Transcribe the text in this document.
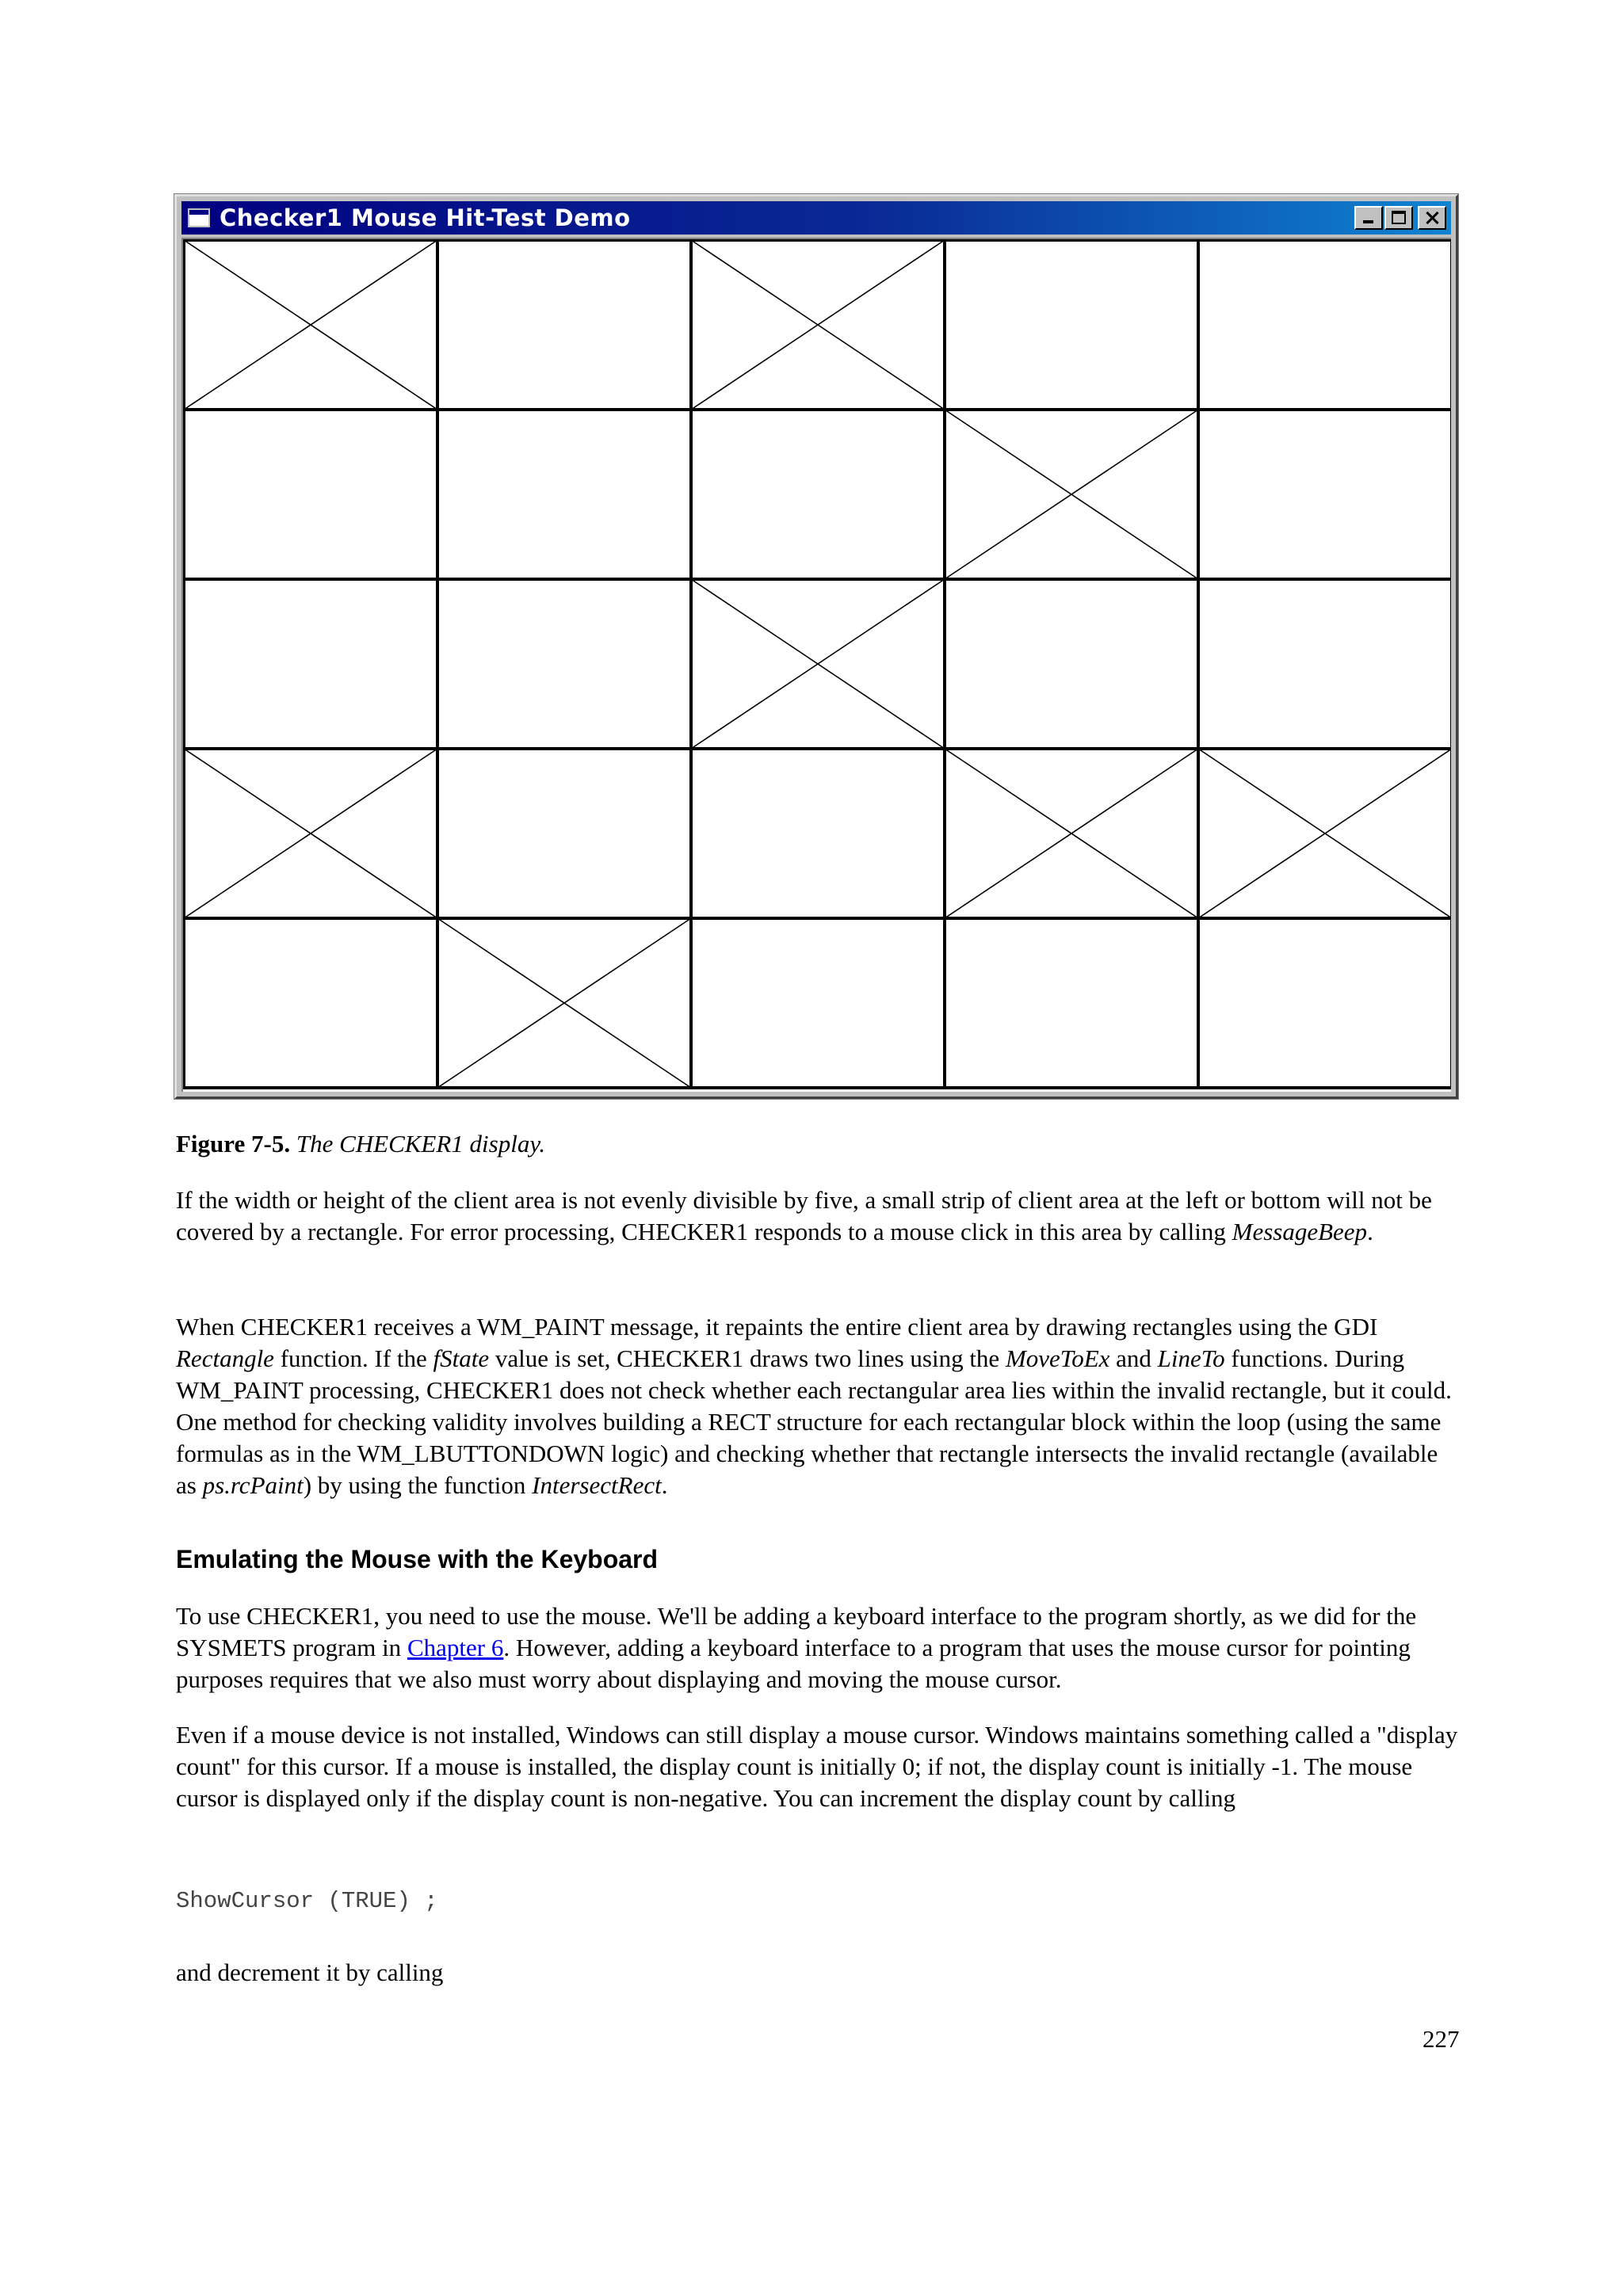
Checker1 Mouse Hit-Test Demo
Figure 7-5. The CHECKER1 display.

If the width or height of the client area is not evenly divisible by five, a small strip of client area at the left or bottom will not be covered by a rectangle. For error processing, CHECKER1 responds to a mouse click in this area by calling MessageBeep.

When CHECKER1 receives a WM_PAINT message, it repaints the entire client area by drawing rectangles using the GDI Rectangle function. If the fState value is set, CHECKER1 draws two lines using the MoveToEx and LineTo functions. During WM_PAINT processing, CHECKER1 does not check whether each rectangular area lies within the invalid rectangle, but it could. One method for checking validity involves building a RECT structure for each rectangular block within the loop (using the same formulas as in the WM_LBUTTONDOWN logic) and checking whether that rectangle intersects the invalid rectangle (available as ps.rcPaint) by using the function IntersectRect.

Emulating the Mouse with the Keyboard

To use CHECKER1, you need to use the mouse. We'll be adding a keyboard interface to the program shortly, as we did for the SYSMETS program in Chapter 6. However, adding a keyboard interface to a program that uses the mouse cursor for pointing purposes requires that we also must worry about displaying and moving the mouse cursor.

Even if a mouse device is not installed, Windows can still display a mouse cursor. Windows maintains something called a "display count" for this cursor. If a mouse is installed, the display count is initially 0; if not, the display count is initially -1. The mouse cursor is displayed only if the display count is non-negative. You can increment the display count by calling

ShowCursor (TRUE) ;

and decrement it by calling

227
